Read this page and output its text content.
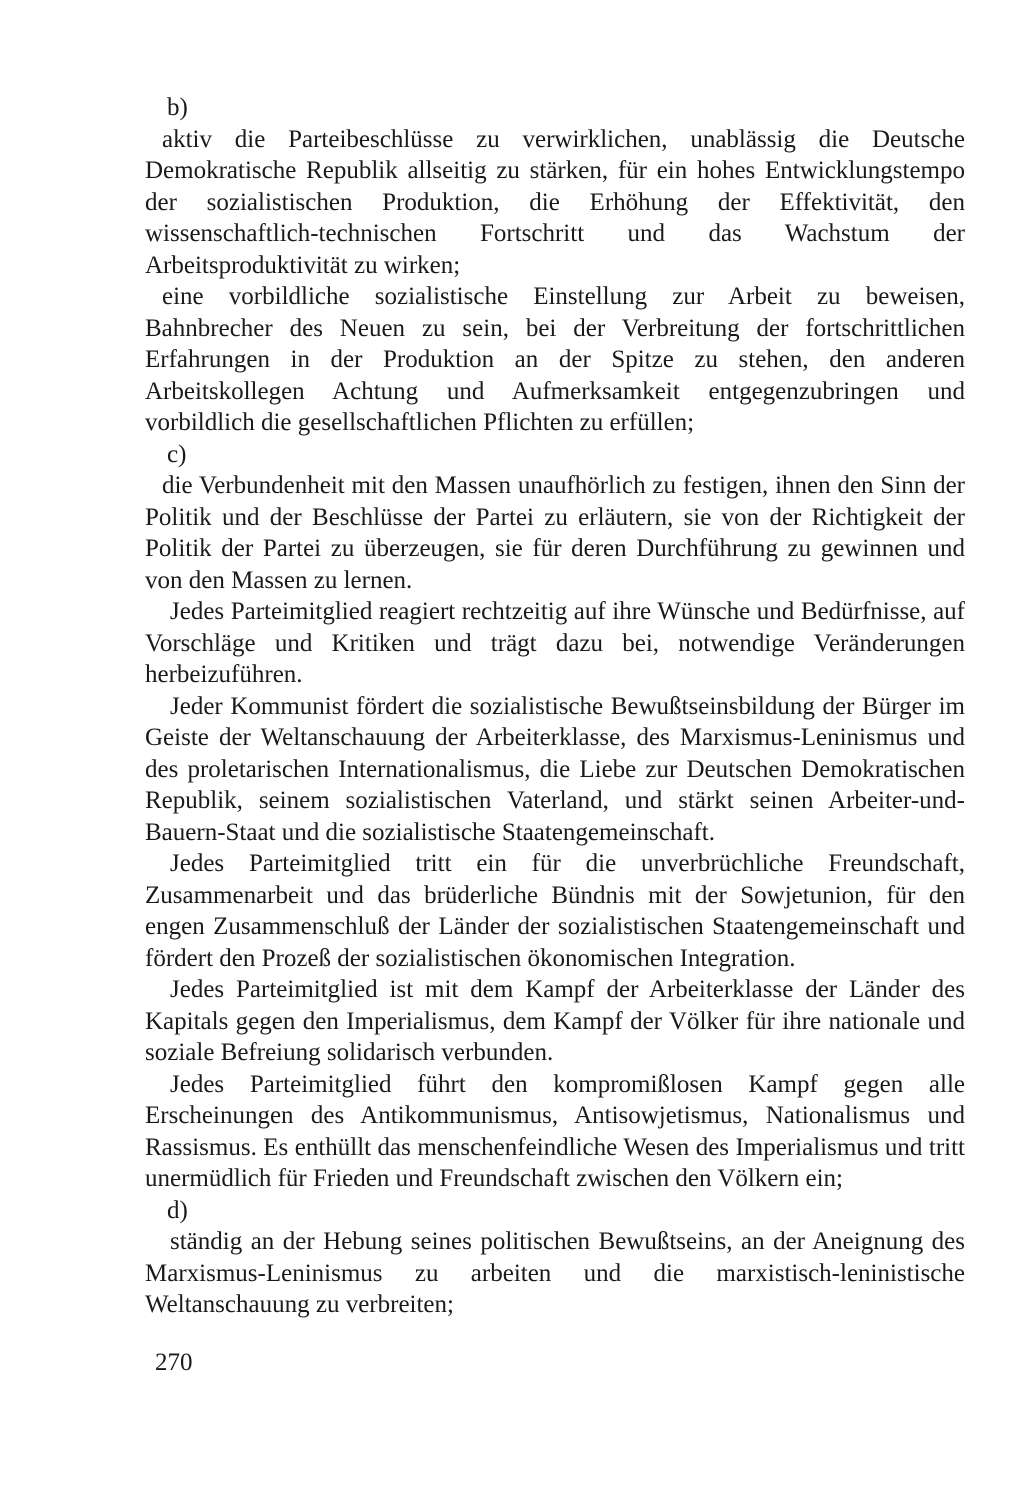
b)

aktiv die Parteibeschlüsse zu verwirklichen, unablässig die Deutsche Demokratische Republik allseitig zu stärken, für ein hohes Entwicklungstempo der sozialistischen Produktion, die Erhöhung der Effektivität, den wissenschaftlich-technischen Fortschritt und das Wachstum der Arbeitsproduktivität zu wirken;

eine vorbildliche sozialistische Einstellung zur Arbeit zu beweisen, Bahnbrecher des Neuen zu sein, bei der Verbreitung der fortschrittlichen Erfahrungen in der Produktion an der Spitze zu stehen, den anderen Arbeitskollegen Achtung und Aufmerksamkeit entgegenzubringen und vorbildlich die gesellschaftlichen Pflichten zu erfüllen;

c)

die Verbundenheit mit den Massen unaufhörlich zu festigen, ihnen den Sinn der Politik und der Beschlüsse der Partei zu erläutern, sie von der Richtigkeit der Politik der Partei zu überzeugen, sie für deren Durchführung zu gewinnen und von den Massen zu lernen.

Jedes Parteimitglied reagiert rechtzeitig auf ihre Wünsche und Bedürfnisse, auf Vorschläge und Kritiken und trägt dazu bei, notwendige Veränderungen herbeizuführen.

Jeder Kommunist fördert die sozialistische Bewußtseinsbildung der Bürger im Geiste der Weltanschauung der Arbeiterklasse, des Marxismus-Leninismus und des proletarischen Internationalismus, die Liebe zur Deutschen Demokratischen Republik, seinem sozialistischen Vaterland, und stärkt seinen Arbeiter-und-Bauern-Staat und die sozialistische Staatengemeinschaft.

Jedes Parteimitglied tritt ein für die unverbrüchliche Freundschaft, Zusammenarbeit und das brüderliche Bündnis mit der Sowjetunion, für den engen Zusammenschluß der Länder der sozialistischen Staatengemeinschaft und fördert den Prozeß der sozialistischen ökonomischen Integration.

Jedes Parteimitglied ist mit dem Kampf der Arbeiterklasse der Länder des Kapitals gegen den Imperialismus, dem Kampf der Völker für ihre nationale und soziale Befreiung solidarisch verbunden.

Jedes Parteimitglied führt den kompromißlosen Kampf gegen alle Erscheinungen des Antikommunismus, Antisowjetismus, Nationalismus und Rassismus. Es enthüllt das menschenfeindliche Wesen des Imperialismus und tritt unermüdlich für Frieden und Freundschaft zwischen den Völkern ein;

d)

ständig an der Hebung seines politischen Bewußtseins, an der Aneignung des Marxismus-Leninismus zu arbeiten und die marxistisch-leninistische Weltanschauung zu verbreiten;

270
